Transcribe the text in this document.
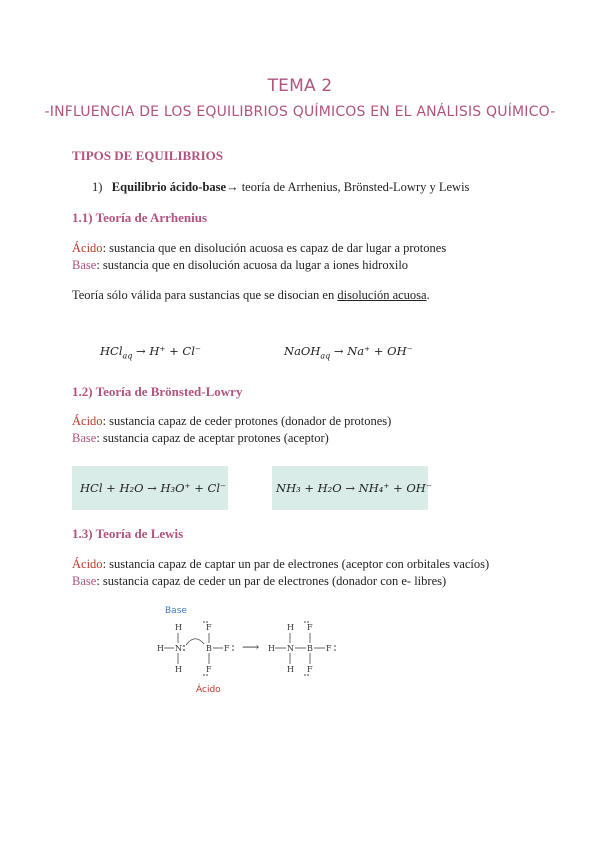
TEMA 2
-INFLUENCIA DE LOS EQUILIBRIOS QUÍMICOS EN EL ANÁLISIS QUÍMICO-
TIPOS DE EQUILIBRIOS
1) Equilibrio ácido-base→ teoría de Arrhenius, Brönsted-Lowry y Lewis
1.1) Teoría de Arrhenius
Ácido: sustancia que en disolución acuosa es capaz de dar lugar a protones
Base: sustancia que en disolución acuosa da lugar a iones hidroxilo
Teoría sólo válida para sustancias que se disocian en disolución acuosa.
HCl$_{aq}$ → H⁺ + Cl⁻	NaOH$_{aq}$ → Na⁺ + OH⁻
1.2) Teoría de Brönsted-Lowry
Ácido: sustancia capaz de ceder protones (donador de protones)
Base: sustancia capaz de aceptar protones (aceptor)
HCl + H₂O → H₃O⁺ + Cl⁻	NH₃ + H₂O → NH₄⁺ + OH⁻
1.3) Teoría de Lewis
Ácido: sustancia capaz de captar un par de electrones (aceptor con orbitales vacíos)
Base: sustancia capaz de ceder un par de electrones (donador con e- libres)
Base
Ácido
H
H N
H
B
F
F
F
⟶
H
H N
H
B
F
F
F
